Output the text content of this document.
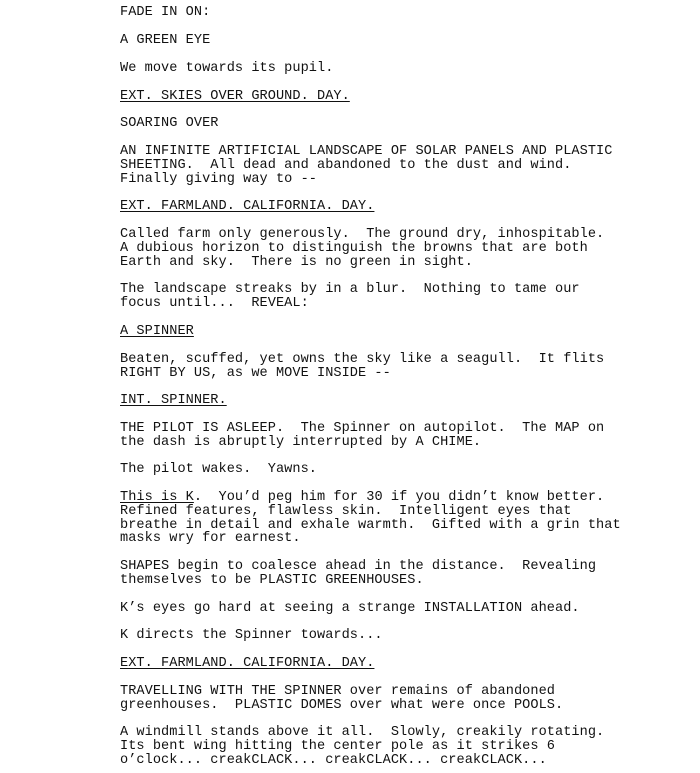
FADE IN ON:
A GREEN EYE
We move towards its pupil.
EXT. SKIES OVER GROUND. DAY.
SOARING OVER
AN INFINITE ARTIFICIAL LANDSCAPE OF SOLAR PANELS AND PLASTIC
SHEETING.  All dead and abandoned to the dust and wind.
Finally giving way to --
EXT. FARMLAND. CALIFORNIA. DAY.
Called farm only generously.  The ground dry, inhospitable.
A dubious horizon to distinguish the browns that are both
Earth and sky.  There is no green in sight.
The landscape streaks by in a blur.  Nothing to tame our
focus until...  REVEAL:
A SPINNER
Beaten, scuffed, yet owns the sky like a seagull.  It flits
RIGHT BY US, as we MOVE INSIDE --
INT. SPINNER.
THE PILOT IS ASLEEP.  The Spinner on autopilot.  The MAP on
the dash is abruptly interrupted by A CHIME.
The pilot wakes.  Yawns.
This is K.  You’d peg him for 30 if you didn’t know better.
Refined features, flawless skin.  Intelligent eyes that
breathe in detail and exhale warmth.  Gifted with a grin that
masks wry for earnest.
SHAPES begin to coalesce ahead in the distance.  Revealing
themselves to be PLASTIC GREENHOUSES.
K’s eyes go hard at seeing a strange INSTALLATION ahead.
K directs the Spinner towards...
EXT. FARMLAND. CALIFORNIA. DAY.
TRAVELLING WITH THE SPINNER over remains of abandoned
greenhouses.  PLASTIC DOMES over what were once POOLS.
A windmill stands above it all.  Slowly, creakily rotating.
Its bent wing hitting the center pole as it strikes 6
o’clock... creakCLACK... creakCLACK... creakCLACK...
